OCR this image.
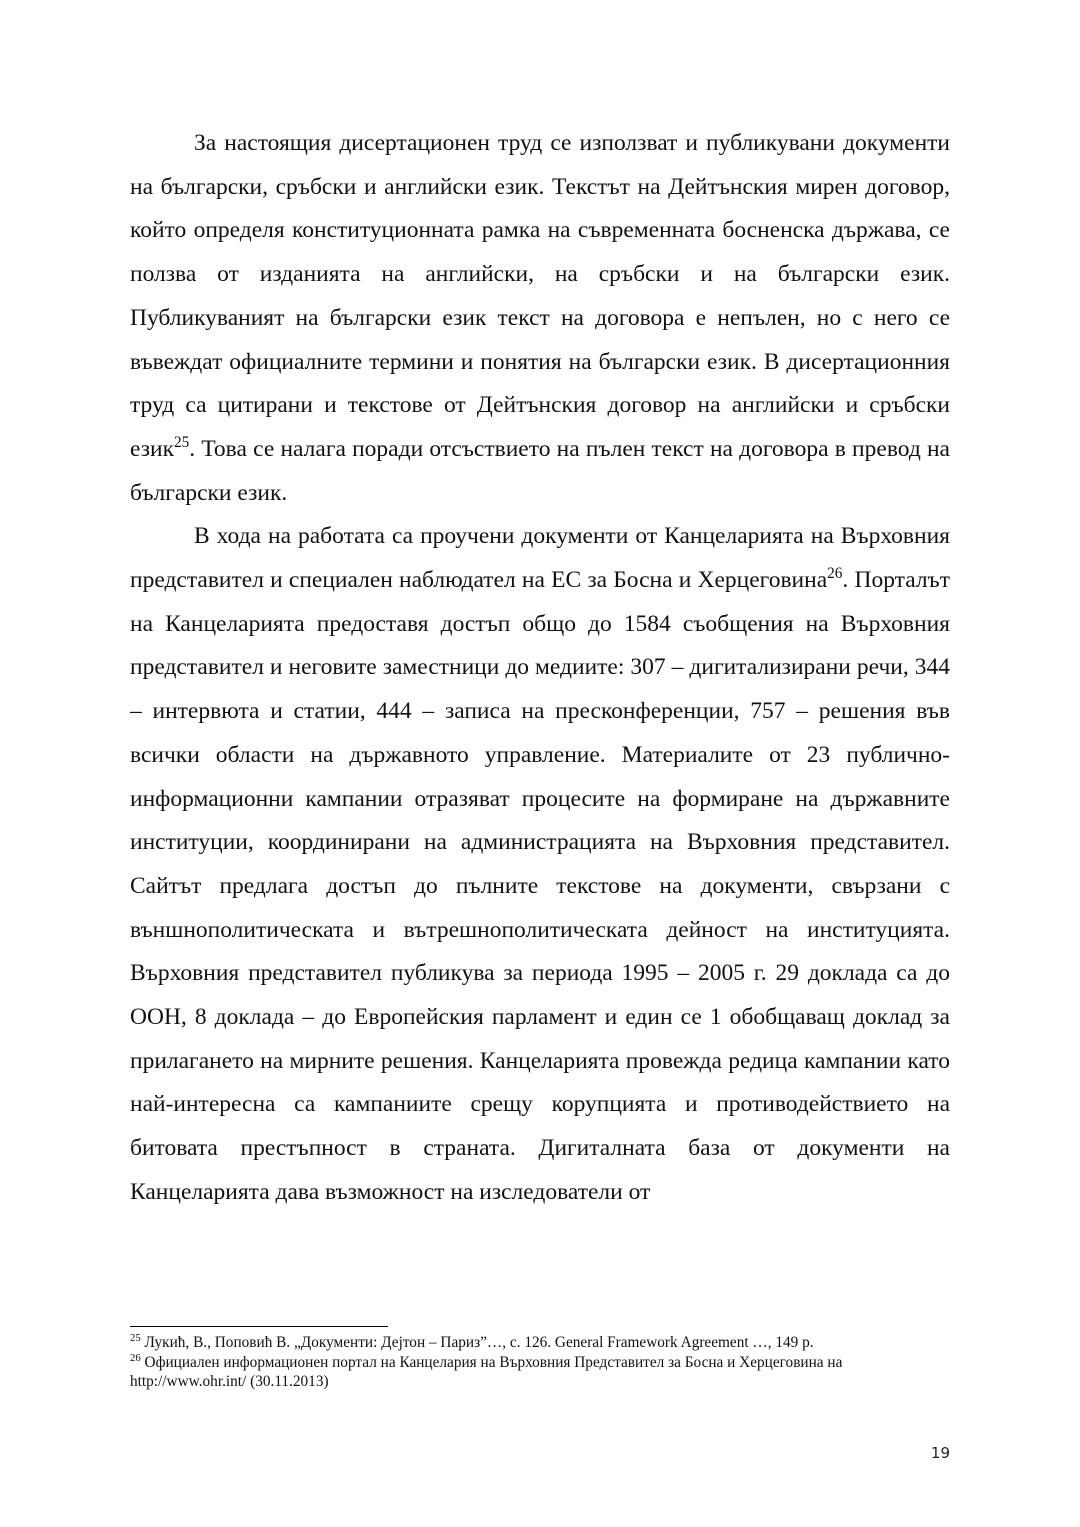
За настоящия дисертационен труд се използват и публикувани документи на български, сръбски и английски език. Текстът на Дейтънския мирен договор, който определя конституционната рамка на съвременната босненска държава, се ползва от изданията на английски, на сръбски и на български език. Публикуваният на български език текст на договора е непълен, но с него се въвеждат официалните термини и понятия на български език. В дисертационния труд са цитирани и текстове от Дейтънския договор на английски и сръбски език$^{25}$. Това се налага поради отсъствието на пълен текст на договора в превод на български език.

В хода на работата са проучени документи от Канцеларията на Върховния представител и специален наблюдател на ЕС за Босна и Херцеговина$^{26}$. Порталът на Канцеларията предоставя достъп общо до 1584 съобщения на Върховния представител и неговите заместници до медиите: 307 – дигитализирани речи, 344 – интервюта и статии, 444 – записа на пресконференции, 757 – решения във всички области на държавното управление. Материалите от 23 публично-информационни кампании отразяват процесите на формиране на държавните институции, координирани на администрацията на Върховния представител. Сайтът предлага достъп до пълните текстове на документи, свързани с външнополитическата и вътрешнополитическата дейност на институцията. Върховния представител публикува за периода 1995 – 2005 г. 29 доклада са до ООН, 8 доклада – до Европейския парламент и един се 1 обобщаващ доклад за прилагането на мирните решения. Канцеларията провежда редица кампании като най-интересна са кампаниите срещу корупцията и противодействието на битовата престъпност в страната. Дигиталната база от документи на Канцеларията дава възможност на изследователи от

$^{25}$ Лукић, В., Поповић В. „Документи: Дејтон – Париз”…, с. 126. General Framework Agreement …, 149 p.

$^{26}$ Официален информационен портал на Канцелария на Върховния Представител за Босна и Херцеговина на http://www.ohr.int/ (30.11.2013)

19
